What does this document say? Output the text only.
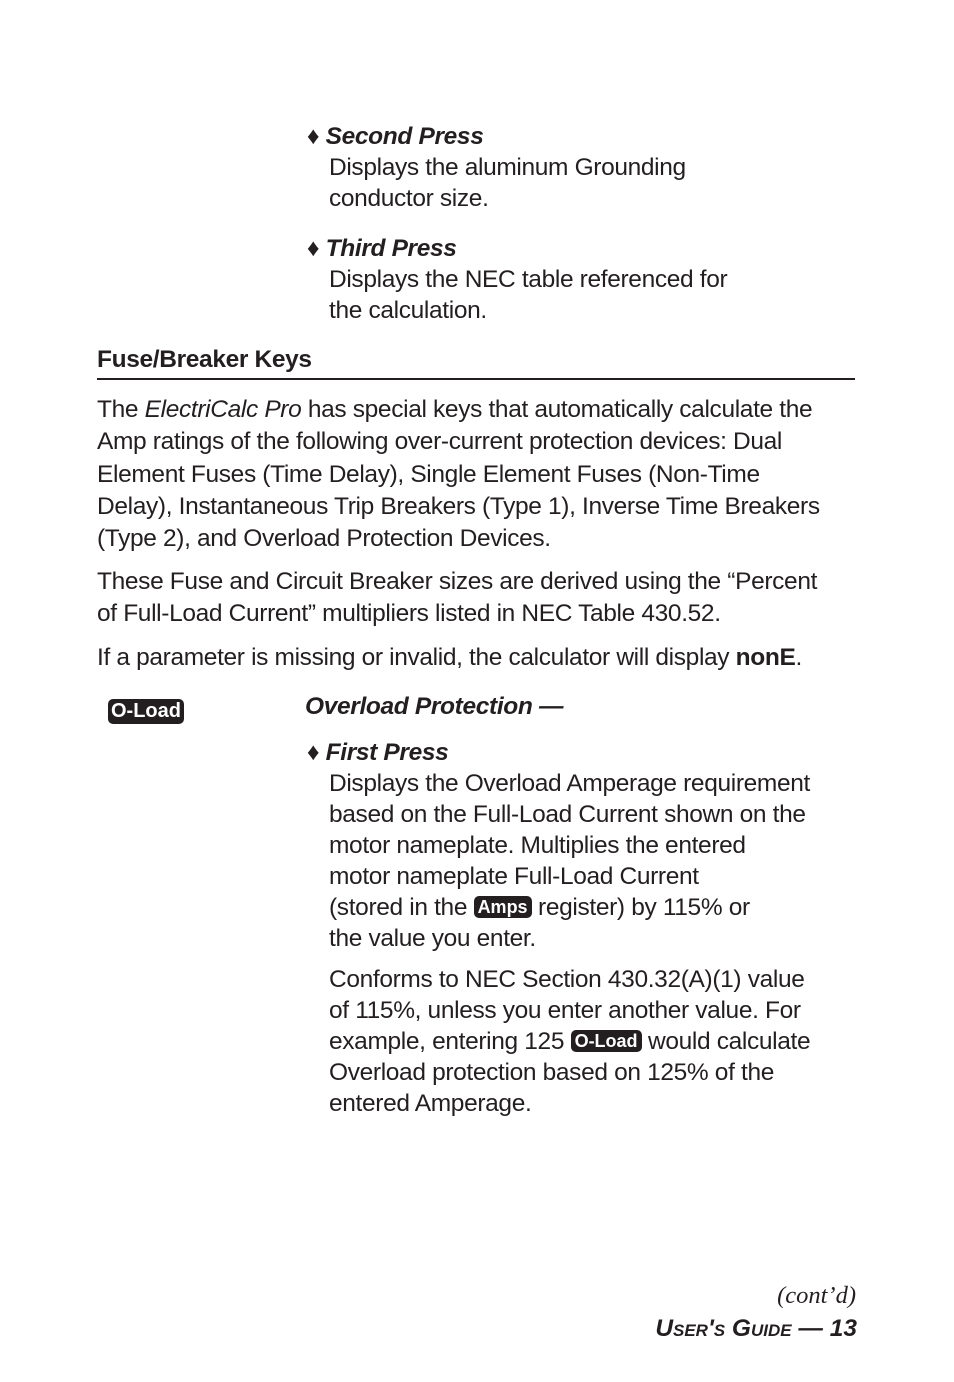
♦ Second Press
Displays the aluminum Grounding
conductor size.
♦ Third Press
Displays the NEC table referenced for
the calculation.
Fuse/Breaker Keys
The ElectriCalc Pro has special keys that automatically calculate the
Amp ratings of the following over-current protection devices: Dual
Element Fuses (Time Delay), Single Element Fuses (Non-Time
Delay), Instantaneous Trip Breakers (Type 1), Inverse Time Breakers
(Type 2), and Overload Protection Devices.
These Fuse and Circuit Breaker sizes are derived using the “Percent
of Full-Load Current” multipliers listed in NEC Table 430.52.
If a parameter is missing or invalid, the calculator will display nonE.
O-Load	Overload Protection —
♦ First Press
Displays the Overload Amperage requirement
based on the Full-Load Current shown on the
motor nameplate. Multiplies the entered
motor nameplate Full-Load Current
(stored in the Amps register) by 115% or
the value you enter.
Conforms to NEC Section 430.32(A)(1) value
of 115%, unless you enter another value. For
example, entering 125 O-Load would calculate
Overload protection based on 125% of the
entered Amperage.
(cont’d)
User's Guide — 13
